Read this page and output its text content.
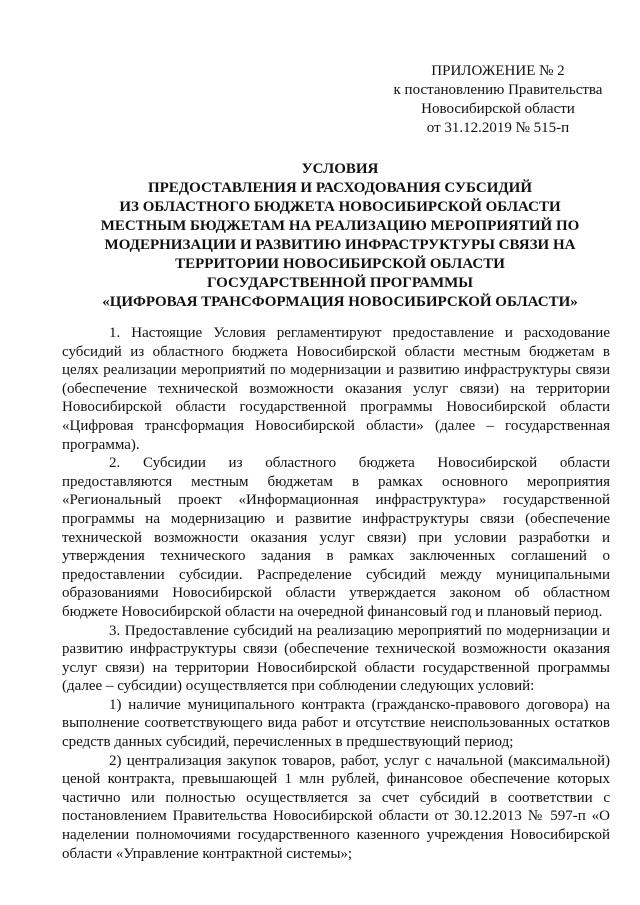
ПРИЛОЖЕНИЕ № 2
к постановлению Правительства
Новосибирской области
от 31.12.2019 № 515-п
УСЛОВИЯ
ПРЕДОСТАВЛЕНИЯ И РАСХОДОВАНИЯ СУБСИДИЙ
ИЗ ОБЛАСТНОГО БЮДЖЕТА НОВОСИБИРСКОЙ ОБЛАСТИ
МЕСТНЫМ БЮДЖЕТАМ НА РЕАЛИЗАЦИЮ МЕРОПРИЯТИЙ ПО
МОДЕРНИЗАЦИИ И РАЗВИТИЮ ИНФРАСТРУКТУРЫ СВЯЗИ НА
ТЕРРИТОРИИ НОВОСИБИРСКОЙ ОБЛАСТИ
ГОСУДАРСТВЕННОЙ ПРОГРАММЫ
«ЦИФРОВАЯ ТРАНСФОРМАЦИЯ НОВОСИБИРСКОЙ ОБЛАСТИ»

1. Настоящие Условия регламентируют предоставление и расходование субсидий из областного бюджета Новосибирской области местным бюджетам в целях реализации мероприятий по модернизации и развитию инфраструктуры связи (обеспечение технической возможности оказания услуг связи) на территории Новосибирской области государственной программы Новосибирской области «Цифровая трансформация Новосибирской области» (далее – государственная программа).

2. Субсидии из областного бюджета Новосибирской области предоставляются местным бюджетам в рамках основного мероприятия «Региональный проект «Информационная инфраструктура» государственной программы на модернизацию и развитие инфраструктуры связи (обеспечение технической возможности оказания услуг связи) при условии разработки и утверждения технического задания в рамках заключенных соглашений о предоставлении субсидии. Распределение субсидий между муниципальными образованиями Новосибирской области утверждается законом об областном бюджете Новосибирской области на очередной финансовый год и плановый период.

3. Предоставление субсидий на реализацию мероприятий по модернизации и развитию инфраструктуры связи (обеспечение технической возможности оказания услуг связи) на территории Новосибирской области государственной программы (далее – субсидии) осуществляется при соблюдении следующих условий:

1) наличие муниципального контракта (гражданско-правового договора) на выполнение соответствующего вида работ и отсутствие неиспользованных остатков средств данных субсидий, перечисленных в предшествующий период;

2) централизация закупок товаров, работ, услуг с начальной (максимальной) ценой контракта, превышающей 1 млн рублей, финансовое обеспечение которых частично или полностью осуществляется за счет субсидий в соответствии с постановлением Правительства Новосибирской области от 30.12.2013 № 597-п «О наделении полномочиями государственного казенного учреждения Новосибирской области «Управление контрактной системы»;
